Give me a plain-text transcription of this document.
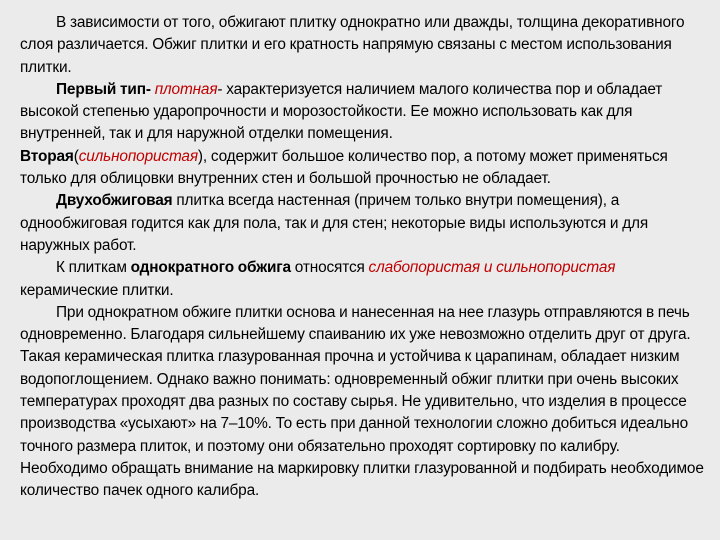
В зависимости от того, обжигают плитку однократно или дважды, толщина декоративного слоя различается. Обжиг плитки и его кратность напрямую связаны с местом использования плитки.

Первый тип- плотная- характеризуется наличием малого количества пор и обладает высокой степенью ударопрочности и морозостойкости. Ее можно использовать как для внутренней, так и для наружной отделки помещения.

Вторая(сильнопористая), содержит большое количество пор, а потому может применяться только для облицовки внутренних стен и большой прочностью не обладает.

Двухобжиговая плитка всегда настенная (причем только внутри помещения), а однообжиговая годится как для пола, так и для стен; некоторые виды используются и для наружных работ.

К плиткам однократного обжига относятся слабопористая и сильнопористая керамические плитки.

При однократном обжиге плитки основа и нанесенная на нее глазурь отправляются в печь одновременно. Благодаря сильнейшему спаиванию их уже невозможно отделить друг от друга. Такая керамическая плитка глазурованная прочна и устойчива к царапинам, обладает низким водопоглощением. Однако важно понимать: одновременный обжиг плитки при очень высоких температурах проходят два разных по составу сырья. Не удивительно, что изделия в процессе производства «усыхают» на 7–10%. То есть при данной технологии сложно добиться идеально точного размера плиток, и поэтому они обязательно проходят сортировку по калибру. Необходимо обращать внимание на маркировку плитки глазурованной и подбирать необходимое количество пачек одного калибра.
